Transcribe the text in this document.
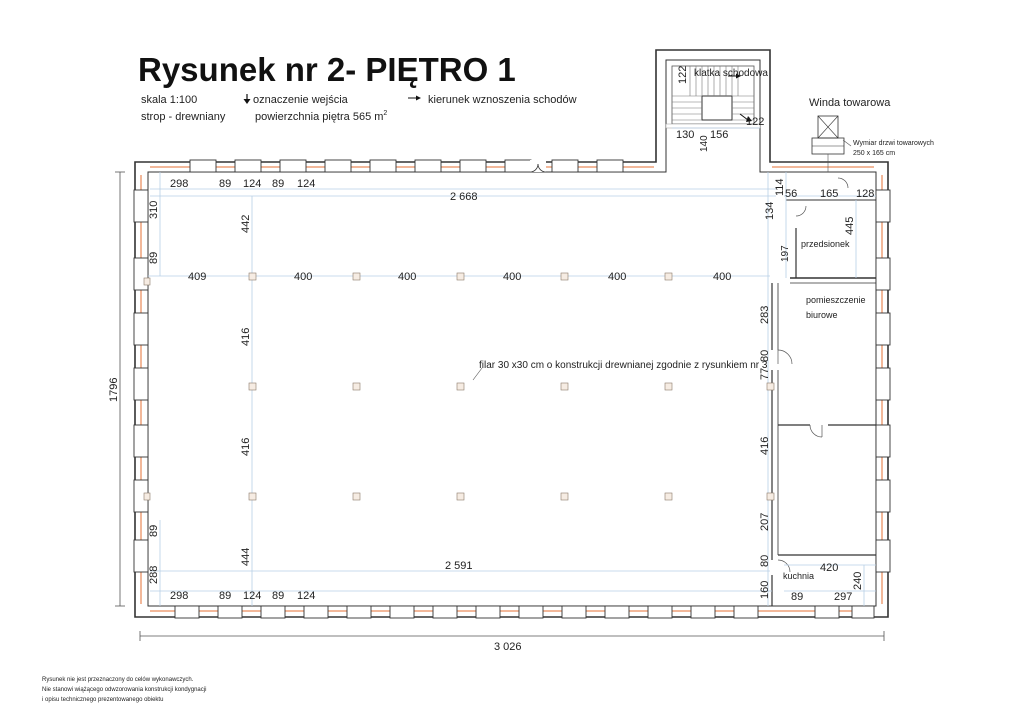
Rysunek nr 2- PIĘTRO 1
skala 1:100
strop - drewniany
oznaczenie wejścia
powierzchnia piętra 565 $m^2$
kierunek wznoszenia schodów
klatka schodowa
122
122
130 156
140
Winda towarowa
Wymiar drzwi towarowych
250 x 165 cm
przedsionek
pomieszczenie
biurowe
kuchnia
filar 30 x30 cm o konstrukcji drewnianej zgodnie z rysunkiem nr 3
298	89 124 89 124
2 668
310
89
89
288
442
416
416
444
409	400	400	400	400	400
1796
3 026
2 591
298	89 124 89 124
114
134
56 165 128
445
197
283
80
77
416
207
80
160
420
240
89	297
Rysunek nie jest przeznaczony do celów wykonawczych.
Nie stanowi wiążącego odwzorowania konstrukcji kondygnacji
i opisu technicznego prezentowanego obiektu
